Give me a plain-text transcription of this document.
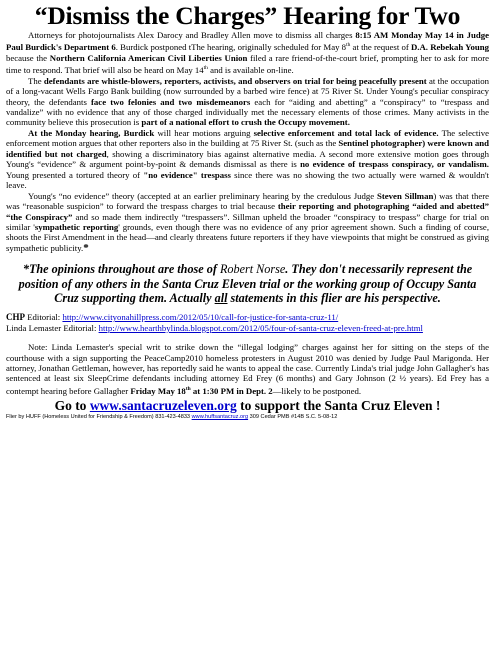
“Dismiss the Charges” Hearing for Two

Attorneys for photojournalists Alex Darocy and Bradley Allen move to dismiss all charges 8:15 AM Monday May 14 in Judge Paul Burdick's Department 6. Burdick postponed tThe hearing, originally scheduled for May 8th at the request of D.A. Rebekah Young because the Northern California American Civil Liberties Union filed a rare friend-of-the-court brief, prompting her to ask for more time to respond. That brief will also be heard on May 14th and is available on-line.

The defendants are whistle-blowers, reporters, activists, and observers on trial for being peacefully present at the occupation of a long-vacant Wells Fargo Bank building (now surrounded by a barbed wire fence) at 75 River St. Under Young's peculiar conspiracy theory, the defendants face two felonies and two misdemeanors each for “aiding and abetting” a “conspiracy” to “trespass and vandalize” with no evidence that any of those charged individually met the necessary elements of those crimes. Many activists in the community believe this prosecution is part of a national effort to crush the Occupy movement.

At the Monday hearing, Burdick will hear motions arguing selective enforcement and total lack of evidence. The selective enforcement motion argues that other reporters also in the building at 75 River St. (such as the Sentinel photographer) were known and identified but not charged, showing a discriminatory bias against alternative media. A second more extensive motion goes through Young's “evidence” & argument point-by-point & demands dismissal as there is no evidence of trespass conspiracy, or vandalism. Young presented a tortured theory of "no evidence" trespass since there was no showing the two actually were warned & wouldn't leave.

Young's “no evidence” theory (accepted at an earlier preliminary hearing by the credulous Judge Steven Sillman) was that there was “reasonable suspicion” to forward the trespass charges to trial because their reporting and photographing “aided and abetted” “the Conspiracy” and so made them indirectly “trespassers”. Sillman upheld the broader “conspiracy to trespass” charge for trial on similar 'sympathetic reporting' grounds, even though there was no evidence of any prior agreement shown. Such a finding of course, shoots the First Amendment in the head—and clearly threatens future reporters if they have viewpoints that might be construed as giving sympathetic publicity.*

*The opinions throughout are those of Robert Norse. They don't necessarily represent the position of any others in the Santa Cruz Eleven trial or the working group of Occupy Santa Cruz supporting them. Actually all statements in this flier are his perspective.

CHP Editorial: http://www.cityonahillpress.com/2012/05/10/call-for-justice-for-santa-cruz-11/
Linda Lemaster Editorial: http://www.hearthbylinda.blogspot.com/2012/05/four-of-santa-cruz-eleven-freed-at-pre.html

Note: Linda Lemaster's special writ to strike down the “illegal lodging” charges against her for sitting on the steps of the courthouse with a sign supporting the PeaceCamp2010 homeless protesters in August 2010 was denied by Judge Paul Marigonda. Her attorney, Jonathan Gettleman, however, has reportedly said he wants to appeal the case. Currently Linda's trial judge John Gallagher's has sentenced at least six SleepCrime defendants including attorney Ed Frey (6 months) and Gary Johnson (2 ½ years). Ed Frey has a contempt hearing before Gallagher Friday May 18th at 1:30 PM in Dept. 2—likely to be postponed.

Go to www.santacruzeleven.org to support the Santa Cruz Eleven !
Flier by HUFF (Homeless United for Friendship & Freedom) 831-423-4833 www.huffsantacruz.org 309 Cedar PMB #14B S.C. 5-08-12
